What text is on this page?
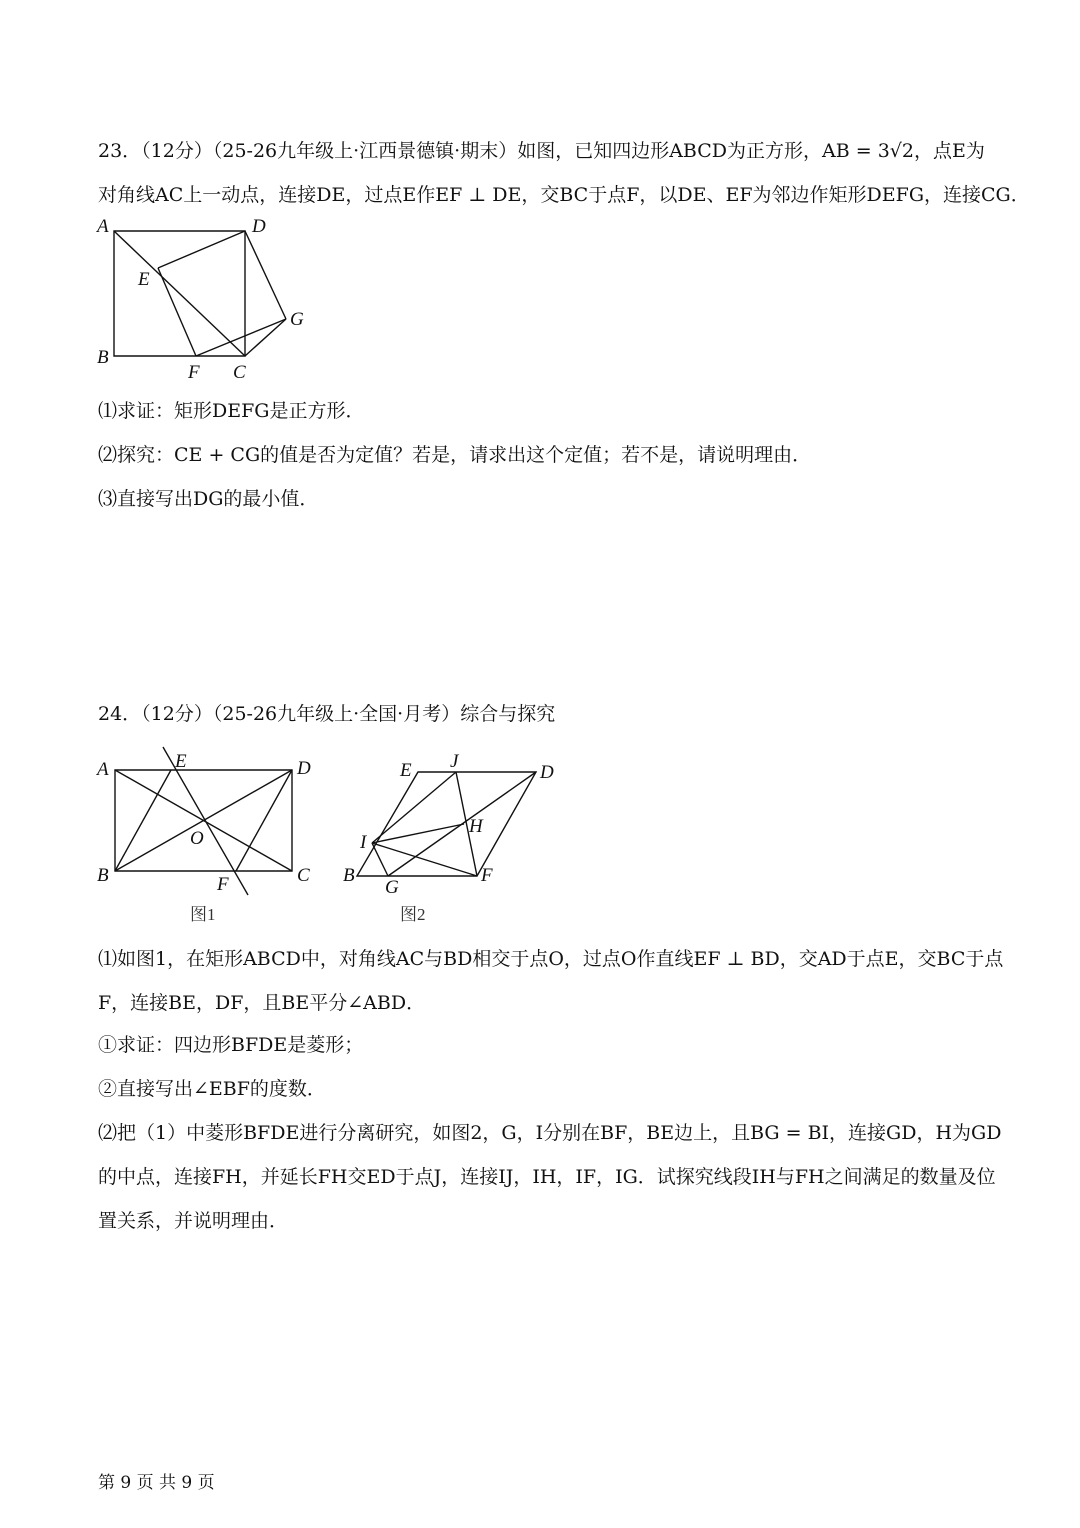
23．（12分）（25-26九年级上·江西景德镇·期末）如图，已知四边形ABCD为正方形，AB = 3√2，点E为
对角线AC上一动点，连接DE，过点E作EF ⊥ DE，交BC于点F，以DE、EF为邻边作矩形DEFG，连接CG．
A	D
E
G
B
F C
⑴求证：矩形DEFG是正方形．
⑵探究：CE + CG的值是否为定值？若是，请求出这个定值；若不是，请说明理由．
⑶直接写出DG的最小值．
24．（12分）（25-26九年级上·全国·月考）综合与探究
A	E	D
O
B	F	C
图1
E J
D
H
I
B
G
F
图2
⑴如图1，在矩形ABCD中，对角线AC与BD相交于点O，过点O作直线EF ⊥ BD，交AD于点E，交BC于点
F，连接BE，DF，且BE平分∠ABD．
①求证：四边形BFDE是菱形；
②直接写出∠EBF的度数．
⑵把（1）中菱形BFDE进行分离研究，如图2，G，I分别在BF，BE边上，且BG = BI，连接GD，H为GD
的中点，连接FH，并延长FH交ED于点J，连接IJ，IH，IF，IG．试探究线段IH与FH之间满足的数量及位
置关系，并说明理由．
第 9 页 共 9 页
